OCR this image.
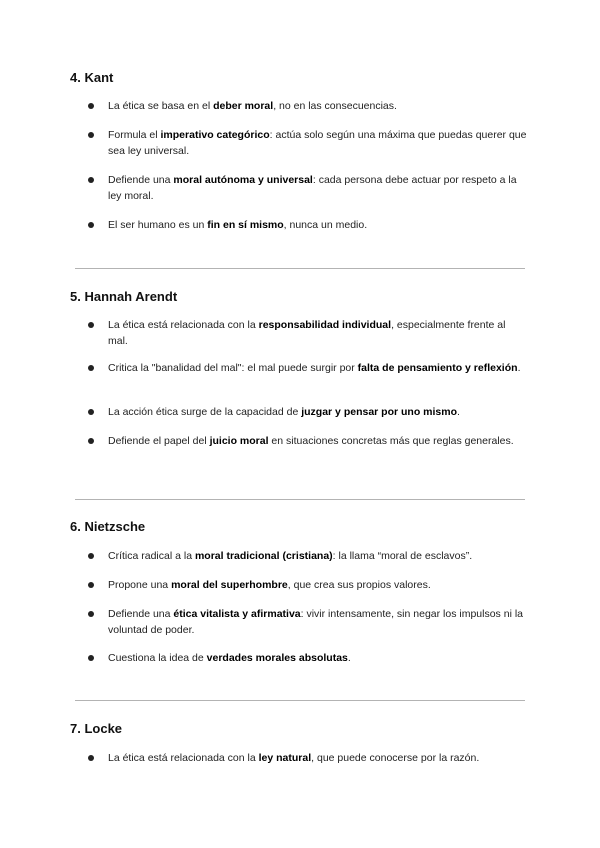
4. Kant
La ética se basa en el deber moral, no en las consecuencias.
Formula el imperativo categórico: actúa solo según una máxima que puedas querer que sea ley universal.
Defiende una moral autónoma y universal: cada persona debe actuar por respeto a la ley moral.
El ser humano es un fin en sí mismo, nunca un medio.
5. Hannah Arendt
La ética está relacionada con la responsabilidad individual, especialmente frente al mal.
Critica la "banalidad del mal": el mal puede surgir por falta de pensamiento y reflexión.
La acción ética surge de la capacidad de juzgar y pensar por uno mismo.
Defiende el papel del juicio moral en situaciones concretas más que reglas generales.
6. Nietzsche
Crítica radical a la moral tradicional (cristiana): la llama “moral de esclavos”.
Propone una moral del superhombre, que crea sus propios valores.
Defiende una ética vitalista y afirmativa: vivir intensamente, sin negar los impulsos ni la voluntad de poder.
Cuestiona la idea de verdades morales absolutas.
7. Locke
La ética está relacionada con la ley natural, que puede conocerse por la razón.
